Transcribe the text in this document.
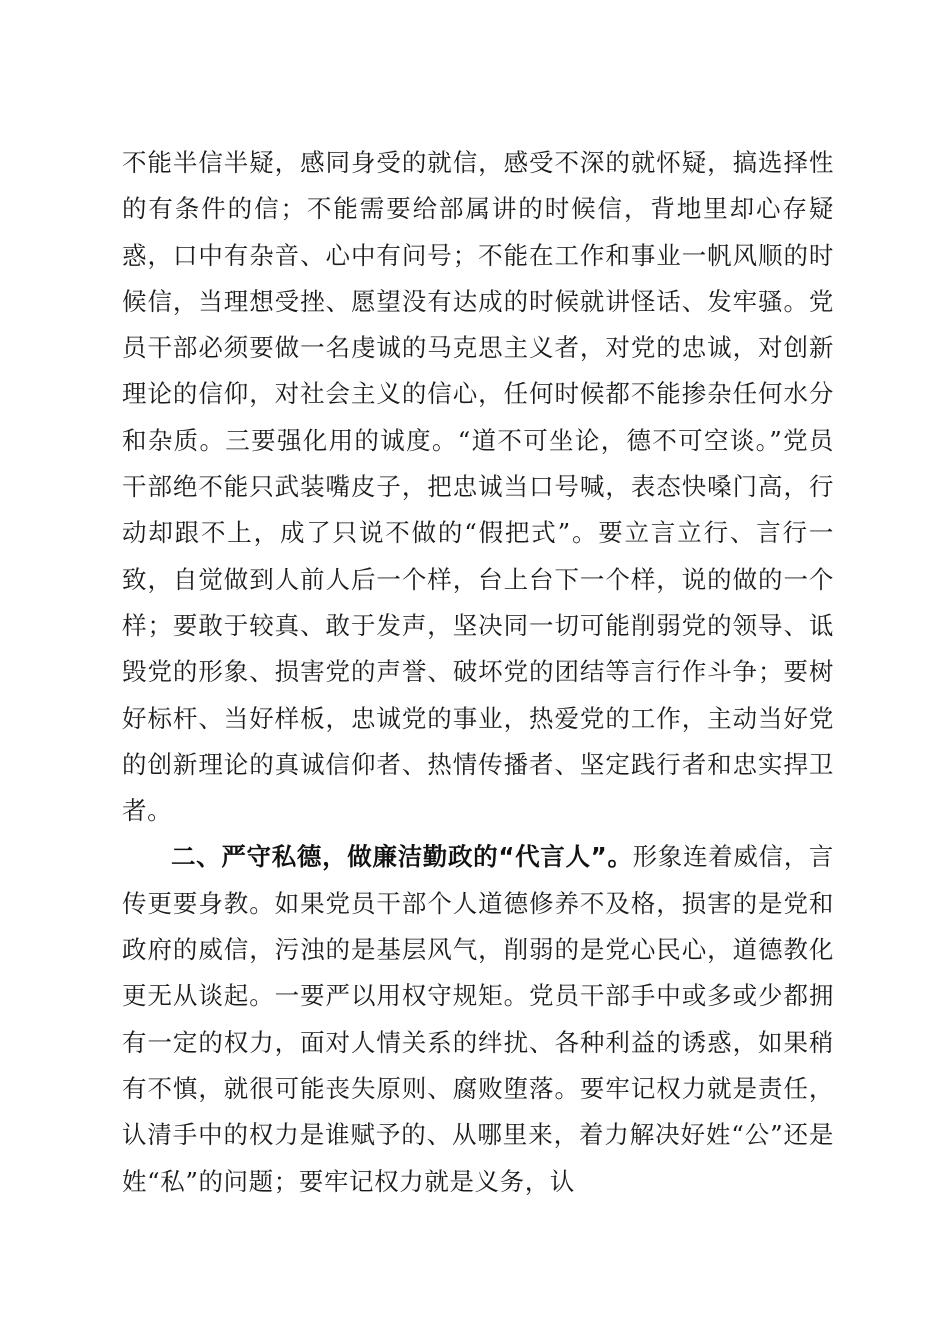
不能半信半疑，感同身受的就信，感受不深的就怀疑，搞选择性的有条件的信；不能需要给部属讲的时候信，背地里却心存疑惑，口中有杂音、心中有问号；不能在工作和事业一帆风顺的时候信，当理想受挫、愿望没有达成的时候就讲怪话、发牢骚。党员干部必须要做一名虔诚的马克思主义者，对党的忠诚，对创新理论的信仰，对社会主义的信心，任何时候都不能掺杂任何水分和杂质。三要强化用的诚度。“道不可坐论，德不可空谈。”党员干部绝不能只武装嘴皮子，把忠诚当口号喊，表态快嗓门高，行动却跟不上，成了只说不做的“假把式”。要立言立行、言行一致，自觉做到人前人后一个样，台上台下一个样，说的做的一个样；要敢于较真、敢于发声，坚决同一切可能削弱党的领导、诋毁党的形象、损害党的声誉、破坏党的团结等言行作斗争；要树好标杆、当好样板，忠诚党的事业，热爱党的工作，主动当好党的创新理论的真诚信仰者、热情传播者、坚定践行者和忠实捍卫者。

二、严守私德，做廉洁勤政的“代言人”。形象连着威信，言传更要身教。如果党员干部个人道德修养不及格，损害的是党和政府的威信，污浊的是基层风气，削弱的是党心民心，道德教化更无从谈起。一要严以用权守规矩。党员干部手中或多或少都拥有一定的权力，面对人情关系的绊扰、各种利益的诱惑，如果稍有不慎，就很可能丧失原则、腐败堕落。要牢记权力就是责任，认清手中的权力是谁赋予的、从哪里来，着力解决好姓“公”还是姓“私”的问题；要牢记权力就是义务，认
